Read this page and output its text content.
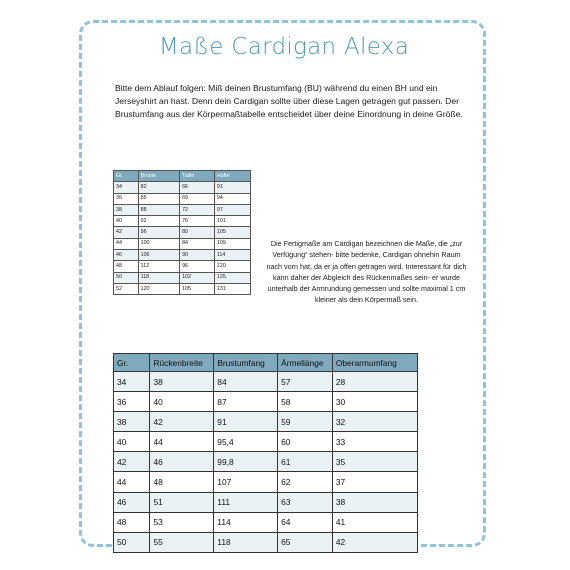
Maße Cardigan Alexa

Bitte dem Ablauf folgen: Miß deinen Brustumfang (BU) während du einen BH und ein Jerseyshirt an hast. Denn dein Cardigan sollte über diese Lagen getragen gut passen. Der Brustumfang aus der Körpermaßtabelle entscheidet über deine Einordnung in deine Größe.

Gr.	Brüste	Taille	Hüfte
34	82	66	91
36	85	69	94
38	88	72	97
40	92	76	101
42	96	80	105
44	100	84	109
46	106	90	114
48	112	96	120
50	118	102	125
52	120	105	131

Die Fertigmaße am Cardigan bezeichnen die Maße, die „zur Verfügung“ stehen- bitte bedenke, Cardigan ohnehin Raum nach vorn hat, da er ja offen getragen wird. Interessant für dich kann daher der Abgleich des Rückenmaßes sein- er wurde unterhalb der Armrundung gemessen und sollte maximal 1 cm kleiner als dein Körpermaß sein.

Gr.	Rückenbreite	Brustumfang	Ärmellänge	Oberarmumfang
34	38	84	57	28
36	40	87	58	30
38	42	91	59	32
40	44	95,4	60	33
42	46	99,8	61	35
44	48	107	62	37
46	51	111	63	38
48	53	114	64	41
50	55	118	65	42
